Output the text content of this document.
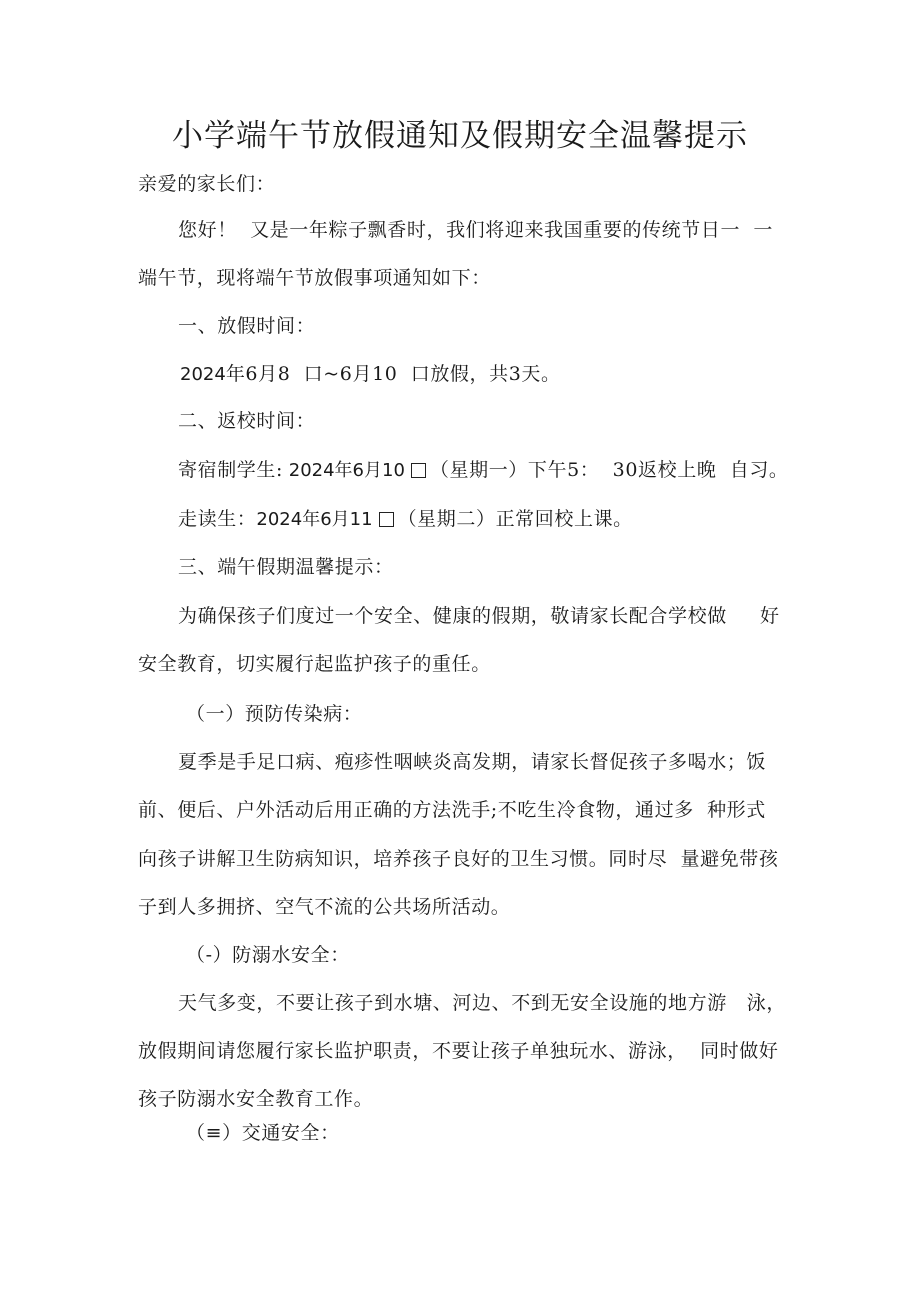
小学端午节放假通知及假期安全温馨提示
亲爱的家长们：
您好！  又是一年粽子飘香时，我们将迎来我国重要的传统节日一  一
端午节，现将端午节放假事项通知如下：
一、放假时间：
2024年6月8  口~6月10  口放假，共3天。
二、返校时间：
寄宿制学生: 2024年6月10 （星期一）下午5：  30返校上晚  自习。
走读生：2024年6月11 （星期二）正常回校上课。
三、端午假期温馨提示：
为确保孩子们度过一个安全、健康的假期，敬请家长配合学校做     好
安全教育，切实履行起监护孩子的重任。
（一）预防传染病：
夏季是手足口病、疱疹性咽峡炎高发期，请家长督促孩子多喝水；饭
前、便后、户外活动后用正确的方法洗手;不吃生冷食物，通过多  种形式
向孩子讲解卫生防病知识，培养孩子良好的卫生习惯。同时尽  量避免带孩
子到人多拥挤、空气不流的公共场所活动。
（-）防溺水安全：
天气多变，不要让孩子到水塘、河边、不到无安全设施的地方游   泳，
放假期间请您履行家长监护职责，不要让孩子单独玩水、游泳，  同时做好
孩子防溺水安全教育工作。
（≡）交通安全：
